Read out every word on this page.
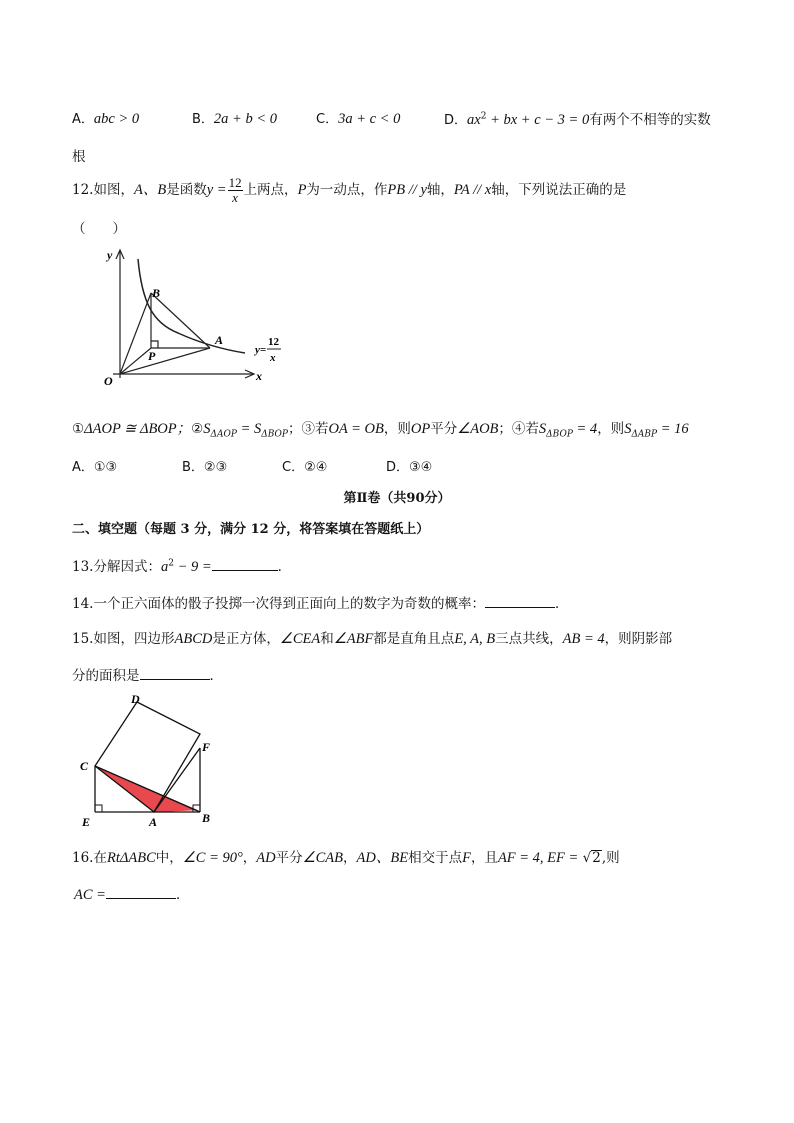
A．abc > 0	B．2a + b < 0	C．3a + c < 0	D．$ax^2$ + bx + c − 3 = 0有两个不相等的实数
根
12.如图，A、B是函数$y = \frac{12}{x}$ 上两点，P为一动点，作PB // y轴，PA // x轴，下列说法正确的是
（　　）
y
x
O
B
A
P	y=
12
x
①ΔAOP ≅ ΔBOP；$②S_{\Delta AOP} = S_{\Delta BOP}$；③若OA = OB，则OP平分∠AOB；④若$S_{\Delta BOP} = 4$，则$S_{\Delta ABP} = 16$
A．①③	B．②③	C．②④	D．③④
第Ⅱ卷（共90分）
二、填空题（每题 3 分，满分 12 分，将答案填在答题纸上）
13.分解因式：$a^2 - 9$ =	．
14.一个正六面体的骰子投掷一次得到正面向上的数字为奇数的概率：	．
15.如图，四边形ABCD是正方体，∠CEA和∠ABF都是直角且点E, A, B三点共线，AB = 4，则阴影部
分的面积是	．
D
F
C
E	A	B
16.在RtΔABC中，∠C = 90°，AD平分∠CAB，AD、BE相交于点F，且AF = 4, EF = √2,则
AC =	．
